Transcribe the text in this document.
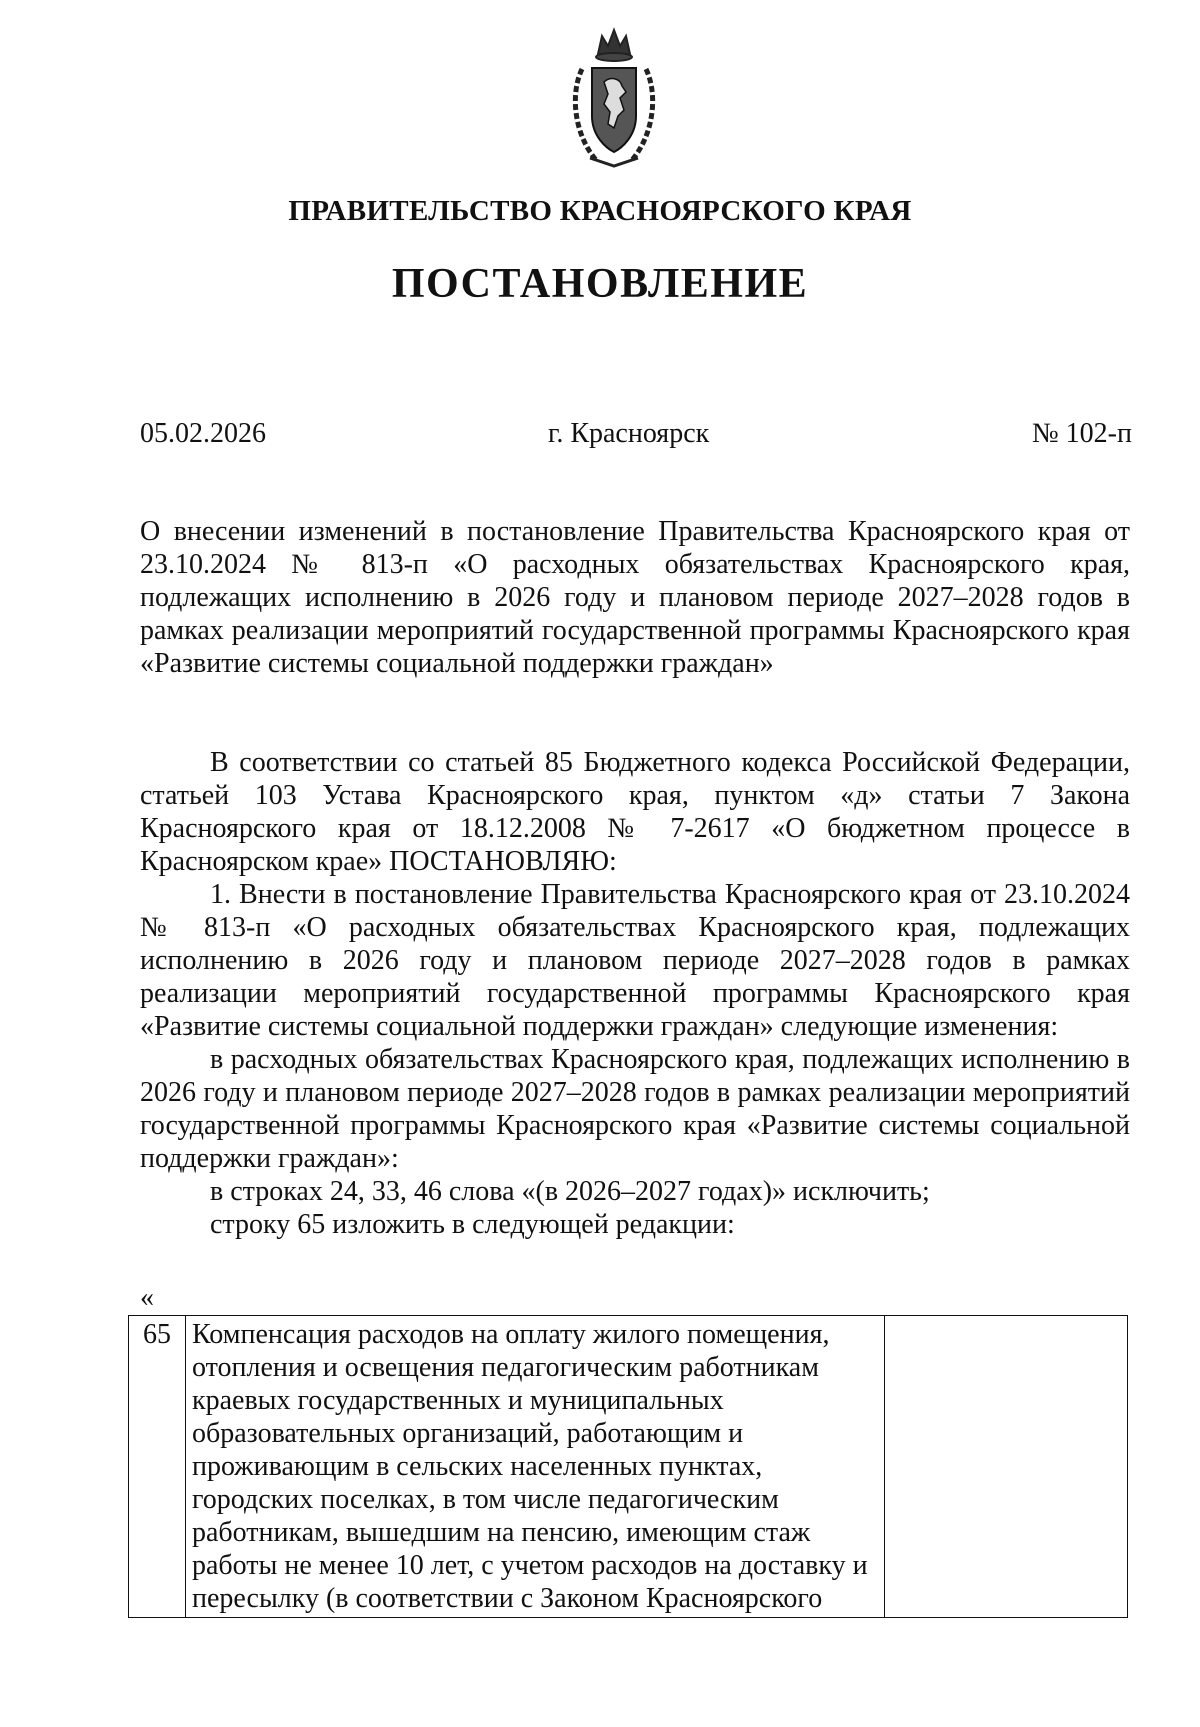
ПРАВИТЕЛЬСТВО КРАСНОЯРСКОГО КРАЯ
ПОСТАНОВЛЕНИЕ
05.02.2026	г. Красноярск	№ 102-п
О внесении изменений в постановление Правительства Красноярского края от 23.10.2024 № 813-п «О расходных обязательствах Красноярского края, подлежащих исполнению в 2026 году и плановом периоде 2027–2028 годов в рамках реализации мероприятий государственной программы Красноярского края «Развитие системы социальной поддержки граждан»

В соответствии со статьей 85 Бюджетного кодекса Российской Федерации, статьей 103 Устава Красноярского края, пунктом «д» статьи 7 Закона Красноярского края от 18.12.2008 № 7-2617 «О бюджетном процессе в Красноярском крае» ПОСТАНОВЛЯЮ:

1. Внести в постановление Правительства Красноярского края от 23.10.2024 № 813-п «О расходных обязательствах Красноярского края, подлежащих исполнению в 2026 году и плановом периоде 2027–2028 годов в рамках реализации мероприятий государственной программы Красноярского края «Развитие системы социальной поддержки граждан» следующие изменения:

в расходных обязательствах Красноярского края, подлежащих исполнению в 2026 году и плановом периоде 2027–2028 годов в рамках реализации мероприятий государственной программы Красноярского края «Развитие системы социальной поддержки граждан»:

в строках 24, 33, 46 слова «(в 2026–2027 годах)» исключить;

строку 65 изложить в следующей редакции:

«
65	Компенсация расходов на оплату жилого помещения, отопления и освещения педагогическим работникам краевых государственных и муниципальных образовательных организаций, работающим и проживающим в сельских населенных пунктах, городских поселках, в том числе педагогическим работникам, вышедшим на пенсию, имеющим стаж работы не менее 10 лет, с учетом расходов на доставку и пересылку (в соответствии с Законом Красноярского	
